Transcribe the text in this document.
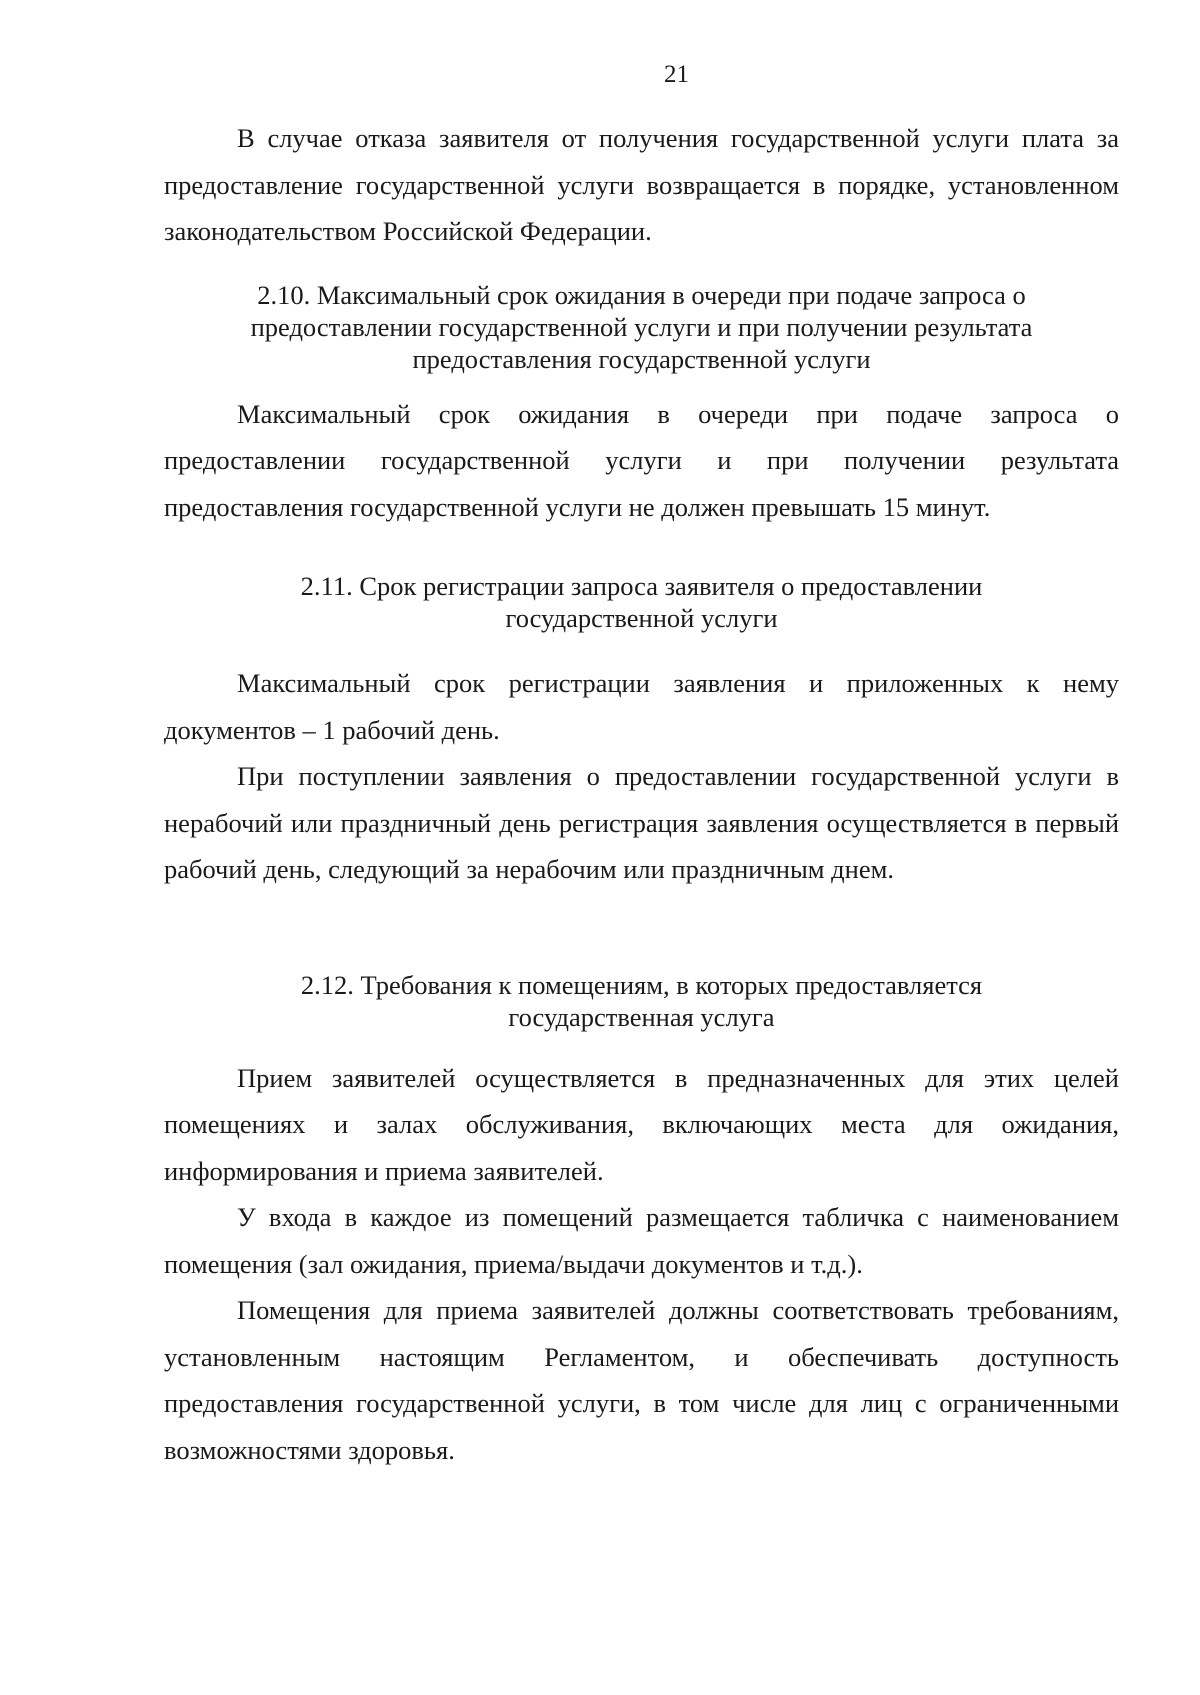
21

В случае отказа заявителя от получения государственной услуги плата за предоставление государственной услуги возвращается в порядке, установленном законодательством Российской Федерации.

2.10. Максимальный срок ожидания в очереди при подаче запроса о предоставлении государственной услуги и при получении результата предоставления государственной услуги

Максимальный срок ожидания в очереди при подаче запроса о предоставлении государственной услуги и при получении результата предоставления государственной услуги не должен превышать 15 минут.

2.11. Срок регистрации запроса заявителя о предоставлении государственной услуги

Максимальный срок регистрации заявления и приложенных к нему документов – 1 рабочий день.

При поступлении заявления о предоставлении государственной услуги в нерабочий или праздничный день регистрация заявления осуществляется в первый рабочий день, следующий за нерабочим или праздничным днем.

2.12. Требования к помещениям, в которых предоставляется государственная услуга

Прием заявителей осуществляется в предназначенных для этих целей помещениях и залах обслуживания, включающих места для ожидания, информирования и приема заявителей.

У входа в каждое из помещений размещается табличка с наименованием помещения (зал ожидания, приема/выдачи документов и т.д.).

Помещения для приема заявителей должны соответствовать требованиям, установленным настоящим Регламентом, и обеспечивать доступность предоставления государственной услуги, в том числе для лиц с ограниченными возможностями здоровья.
